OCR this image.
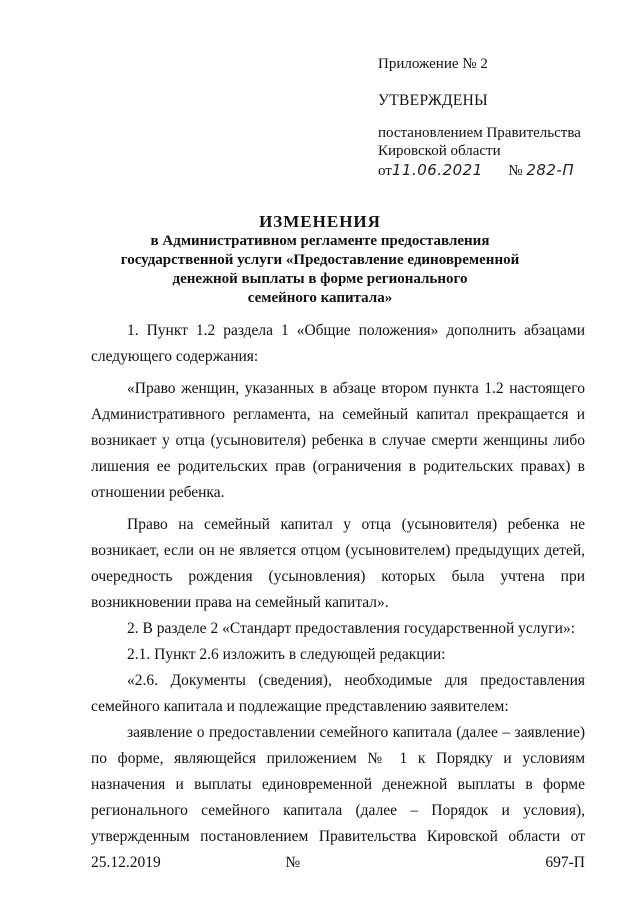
Приложение № 2
УТВЕРЖДЕНЫ
постановлением Правительства
Кировской области
от11.06.2021 № 282-П
ИЗМЕНЕНИЯ
в Административном регламенте предоставления
государственной услуги «Предоставление единовременной
денежной выплаты в форме регионального
семейного капитала»

1. Пункт 1.2 раздела 1 «Общие положения» дополнить абзацами следующего содержания:

«Право женщин, указанных в абзаце втором пункта 1.2 настоящего Административного регламента, на семейный капитал прекращается и возникает у отца (усыновителя) ребенка в случае смерти женщины либо лишения ее родительских прав (ограничения в родительских правах) в отношении ребенка.

Право на семейный капитал у отца (усыновителя) ребенка не возникает, если он не является отцом (усыновителем) предыдущих детей, очередность рождения (усыновления) которых была учтена при возникновении права на семейный капитал».

2. В разделе 2 «Стандарт предоставления государственной услуги»:

2.1. Пункт 2.6 изложить в следующей редакции:

«2.6. Документы (сведения), необходимые для предоставления семейного капитала и подлежащие представлению заявителем:

заявление о предоставлении семейного капитала (далее – заявление) по форме, являющейся приложением № 1 к Порядку и условиям назначения и выплаты единовременной денежной выплаты в форме регионального семейного капитала (далее – Порядок и условия), утвержденным постановлением Правительства Кировской области от 25.12.2019 № 697-П
